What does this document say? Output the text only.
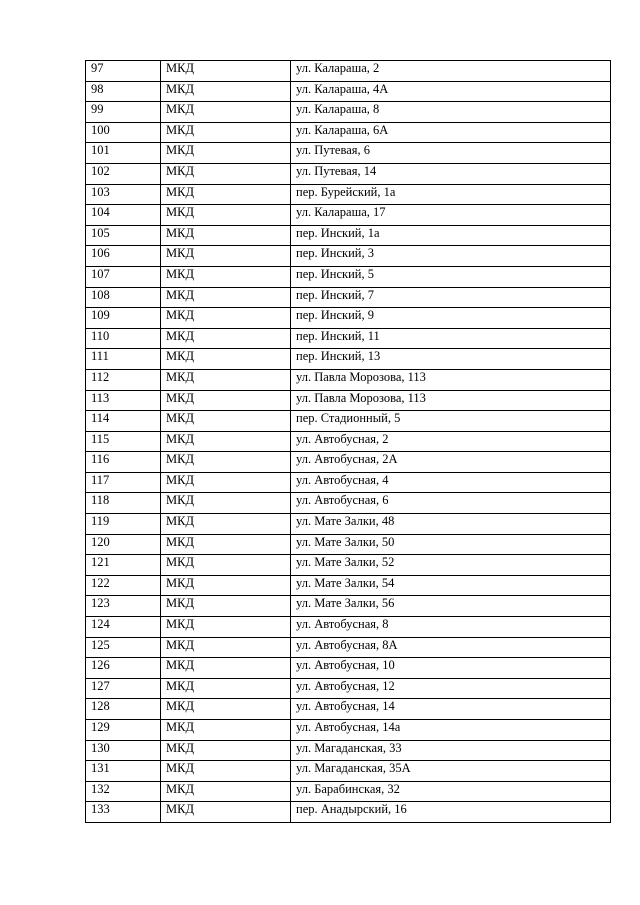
97	МКД	ул. Калараша, 2
98	МКД	ул. Калараша, 4А
99	МКД	ул. Калараша, 8
100	МКД	ул. Калараша, 6А
101	МКД	ул. Путевая, 6
102	МКД	ул. Путевая, 14
103	МКД	пер. Бурейский, 1а
104	МКД	ул. Калараша, 17
105	МКД	пер. Инский, 1а
106	МКД	пер. Инский, 3
107	МКД	пер. Инский, 5
108	МКД	пер. Инский, 7
109	МКД	пер. Инский, 9
110	МКД	пер. Инский, 11
111	МКД	пер. Инский, 13
112	МКД	ул. Павла Морозова, 113
113	МКД	ул. Павла Морозова, 113
114	МКД	пер. Стадионный, 5
115	МКД	ул. Автобусная, 2
116	МКД	ул. Автобусная, 2А
117	МКД	ул. Автобусная, 4
118	МКД	ул. Автобусная, 6
119	МКД	ул. Мате Залки, 48
120	МКД	ул. Мате Залки, 50
121	МКД	ул. Мате Залки, 52
122	МКД	ул. Мате Залки, 54
123	МКД	ул. Мате Залки, 56
124	МКД	ул. Автобусная, 8
125	МКД	ул. Автобусная, 8А
126	МКД	ул. Автобусная, 10
127	МКД	ул. Автобусная, 12
128	МКД	ул. Автобусная, 14
129	МКД	ул. Автобусная, 14а
130	МКД	ул. Магаданская, 33
131	МКД	ул. Магаданская, 35А
132	МКД	ул. Барабинская, 32
133	МКД	пер. Анадырский, 16
